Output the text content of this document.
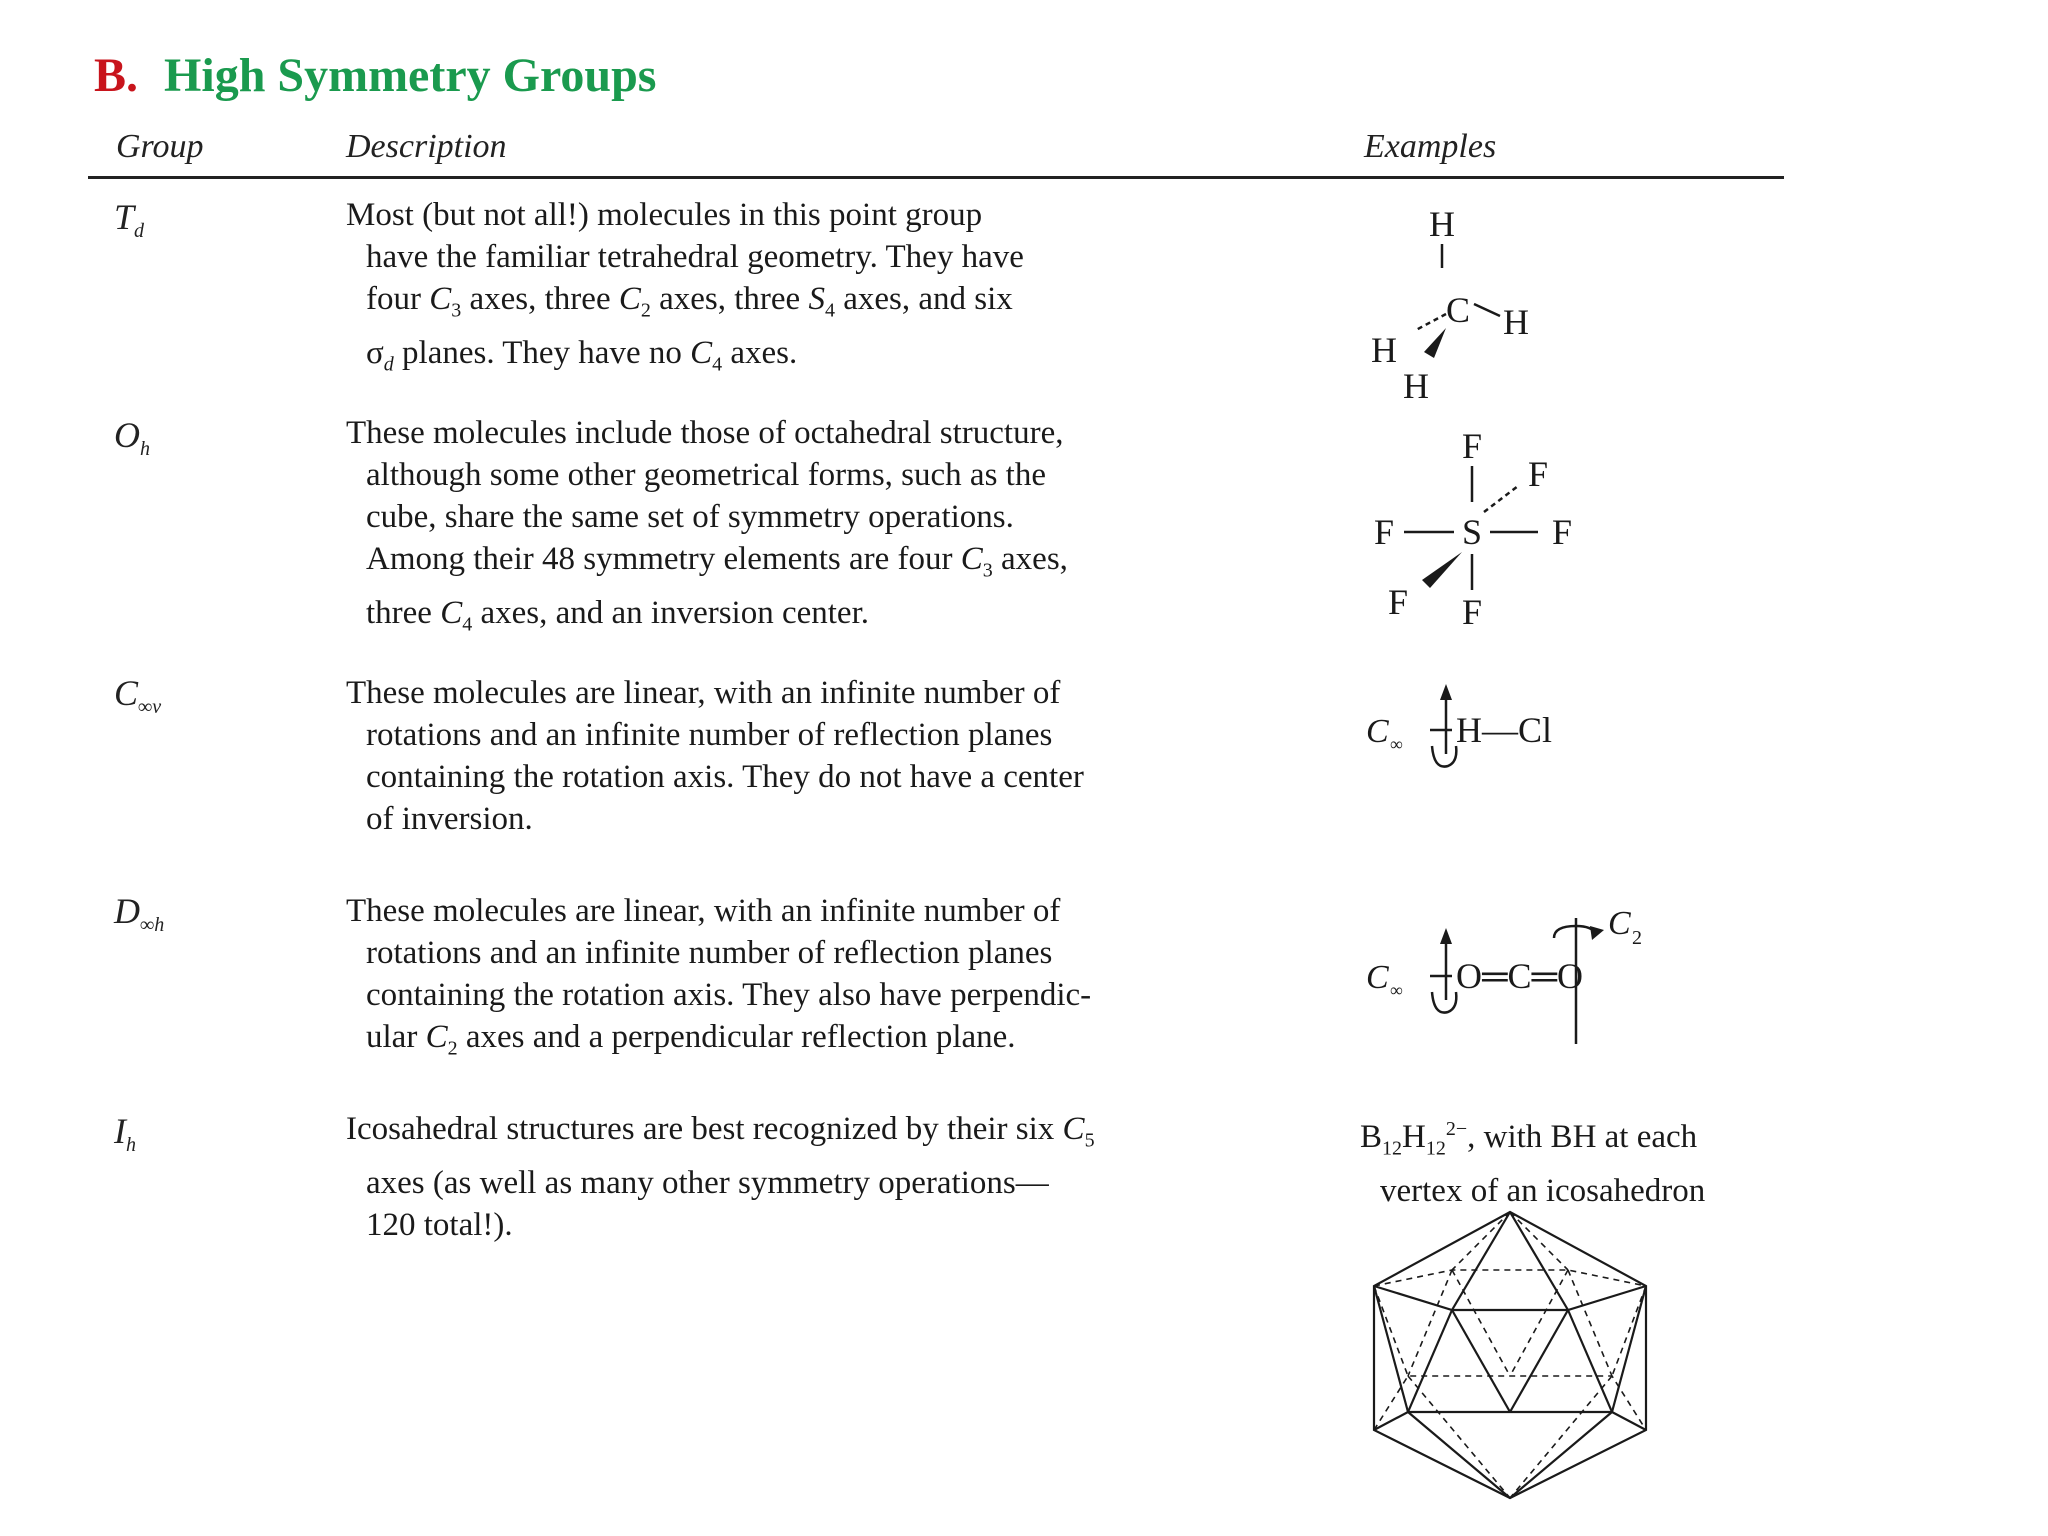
B. High Symmetry Groups
Group	Description	Examples
$T_d$	Most (but not all!) molecules in this point group
have the familiar tetrahedral geometry. They have
four $C_3$ axes, three $C_2$ axes, three $S_4$ axes, and six
$\sigma_d$ planes. They have no $C_4$ axes.
H
C H
H
H
$O_h$	These molecules include those of octahedral structure,
although some other geometrical forms, such as the
cube, share the same set of symmetry operations.
Among their 48 symmetry elements are four $C_3$ axes,
three $C_4$ axes, and an inversion center.
F
F
F S F
F F
$C_{\infty v}$	These molecules are linear, with an infinite number of
rotations and an infinite number of reflection planes
containing the rotation axis. They do not have a center
of inversion.
C ∞ H—Cl
$D_{\infty h}$	These molecules are linear, with an infinite number of
rotations and an infinite number of reflection planes
containing the rotation axis. They also have perpendic-
ular $C_2$ axes and a perpendicular reflection plane.
C ∞ O═C═O
C 2
$I_h$	Icosahedral structures are best recognized by their six $C_5$
axes (as well as many other symmetry operations—
120 total!).
$B_{12}H_{12}^{2-}$, with BH at each
vertex of an icosahedron
